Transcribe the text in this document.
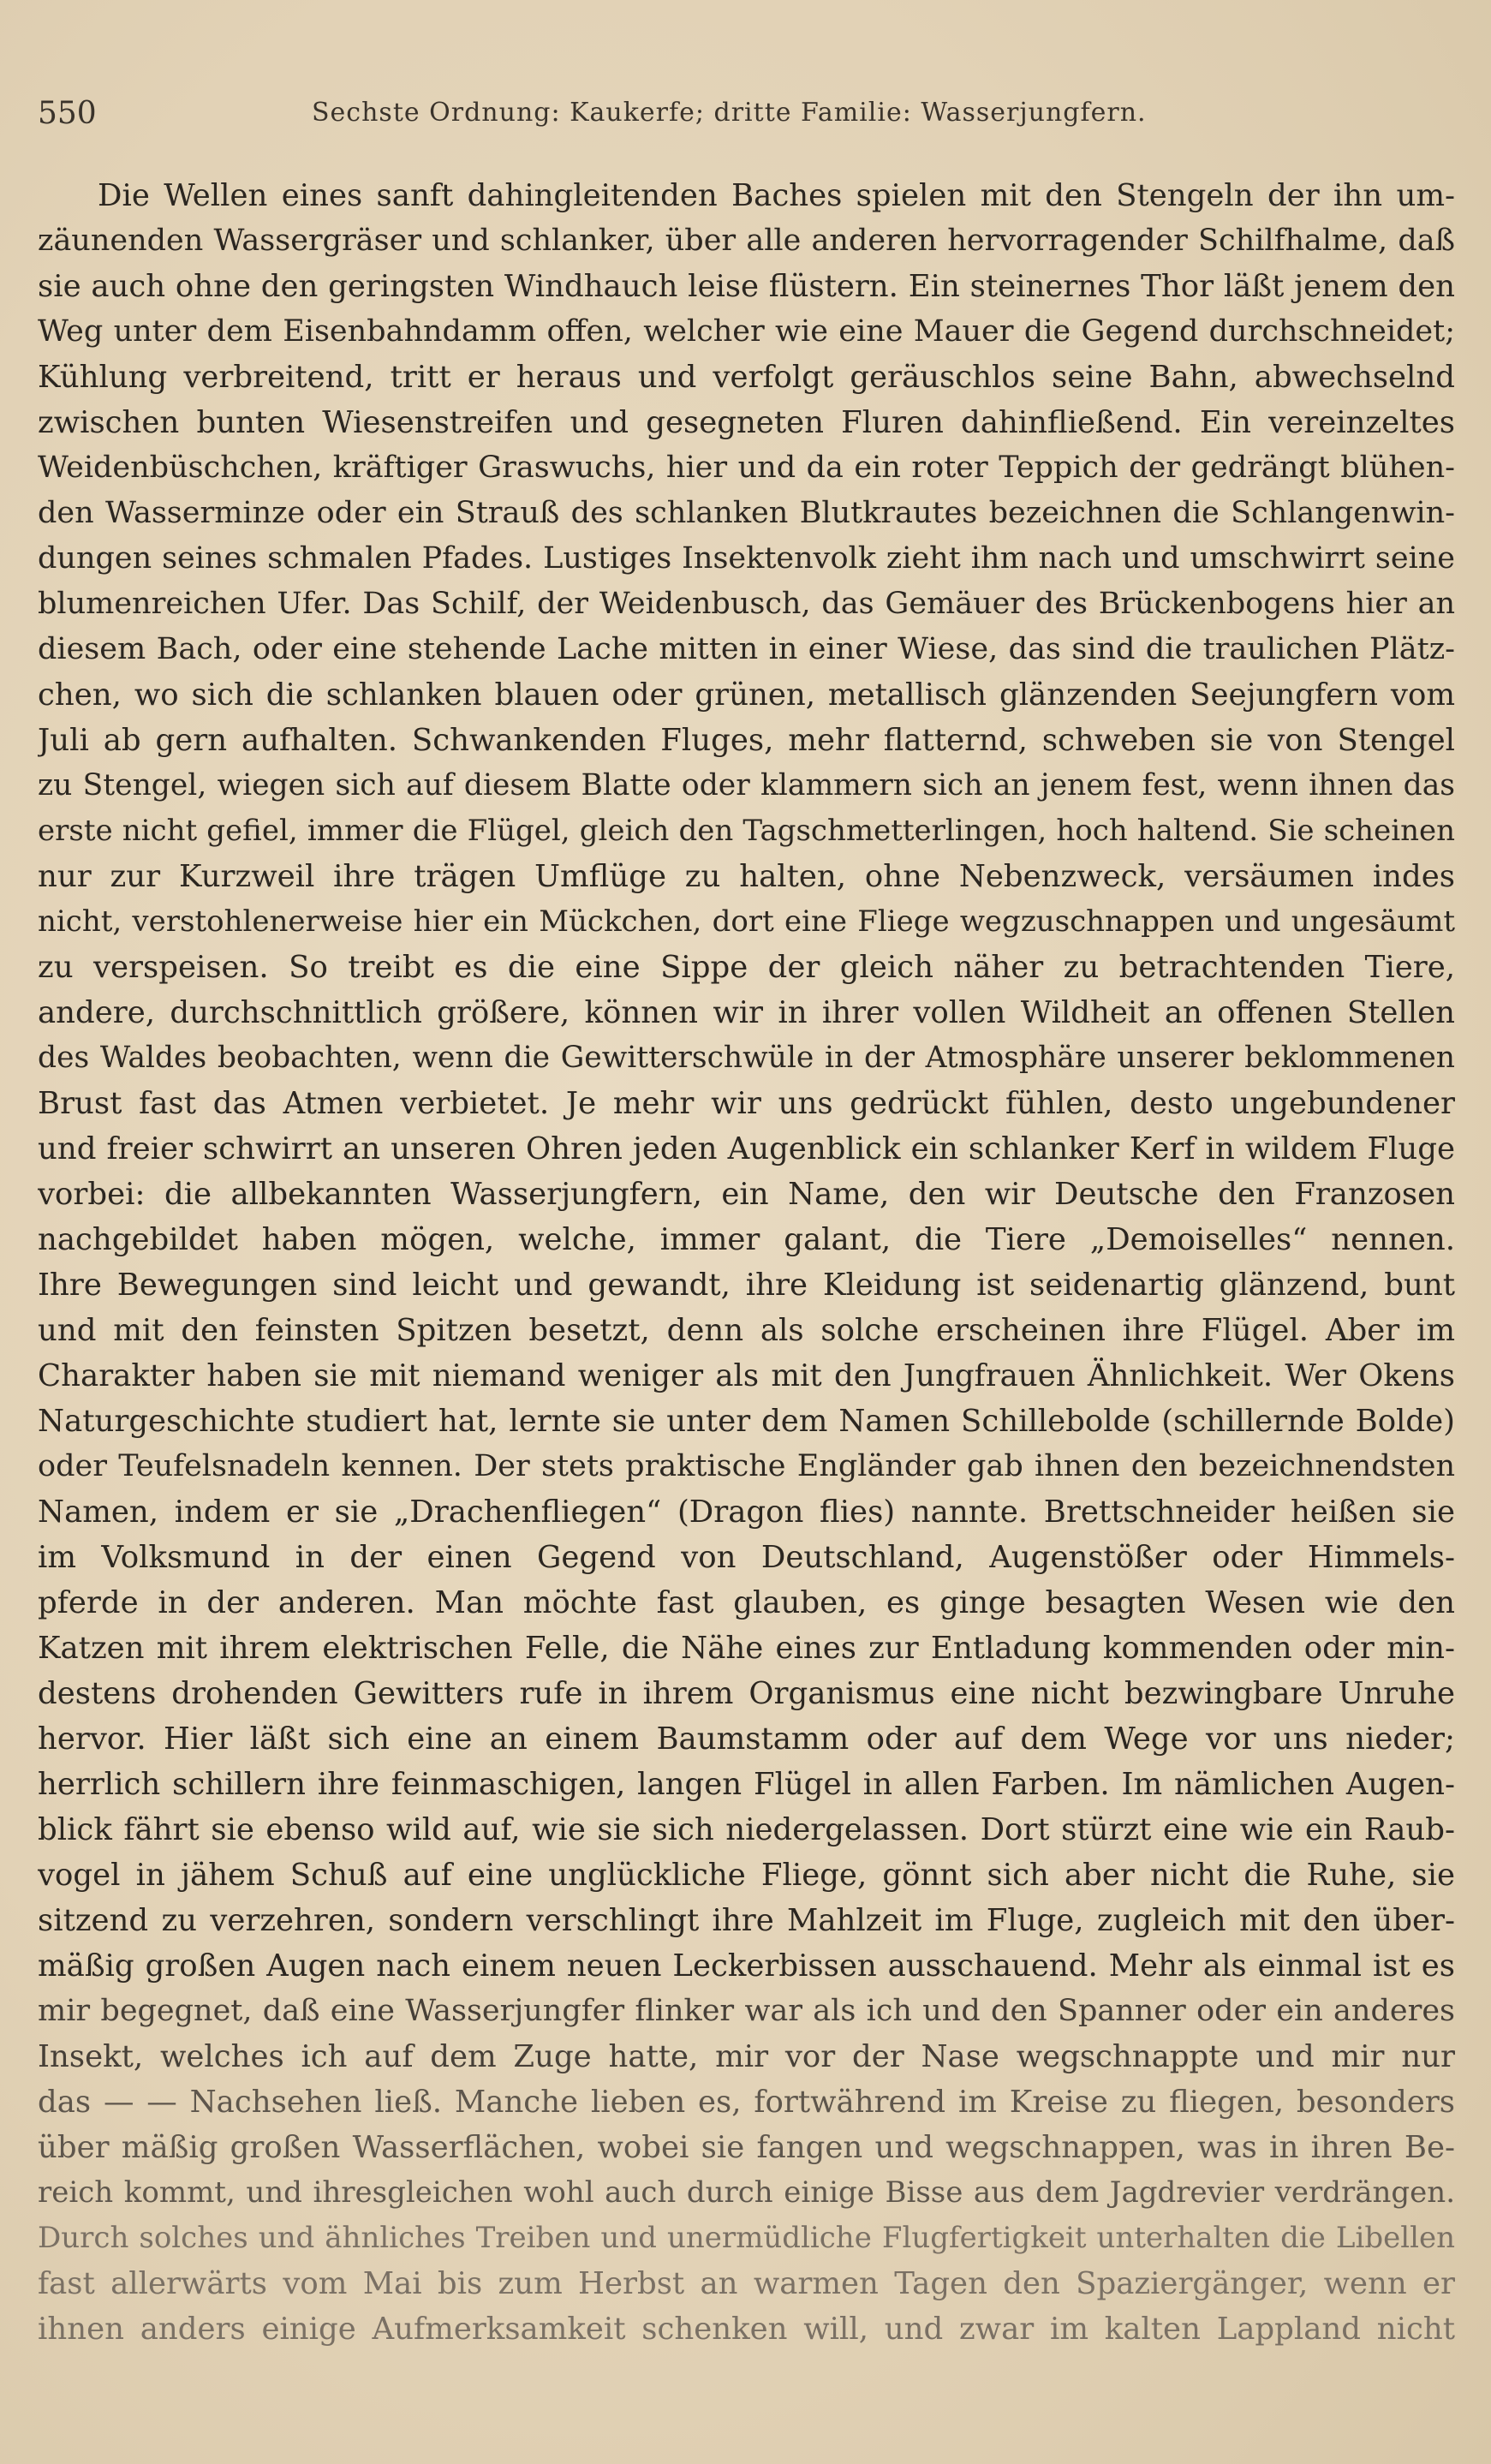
550	Sechste Ordnung: Kaukerfe; dritte Familie: Wasserjungfern.
Die Wellen eines sanft dahingleitenden Baches spielen mit den Stengeln der ihn um-
zäunenden Wassergräser und schlanker, über alle anderen hervorragender Schilfhalme, daß
sie auch ohne den geringsten Windhauch leise flüstern. Ein steinernes Thor läßt jenem den
Weg unter dem Eisenbahndamm offen, welcher wie eine Mauer die Gegend durchschneidet;
Kühlung verbreitend, tritt er heraus und verfolgt geräuschlos seine Bahn, abwechselnd
zwischen bunten Wiesenstreifen und gesegneten Fluren dahinfließend. Ein vereinzeltes
Weidenbüschchen, kräftiger Graswuchs, hier und da ein roter Teppich der gedrängt blühen-
den Wasserminze oder ein Strauß des schlanken Blutkrautes bezeichnen die Schlangenwin-
dungen seines schmalen Pfades. Lustiges Insektenvolk zieht ihm nach und umschwirrt seine
blumenreichen Ufer. Das Schilf, der Weidenbusch, das Gemäuer des Brückenbogens hier an
diesem Bach, oder eine stehende Lache mitten in einer Wiese, das sind die traulichen Plätz-
chen, wo sich die schlanken blauen oder grünen, metallisch glänzenden Seejungfern vom
Juli ab gern aufhalten. Schwankenden Fluges, mehr flatternd, schweben sie von Stengel
zu Stengel, wiegen sich auf diesem Blatte oder klammern sich an jenem fest, wenn ihnen das
erste nicht gefiel, immer die Flügel, gleich den Tagschmetterlingen, hoch haltend. Sie scheinen
nur zur Kurzweil ihre trägen Umflüge zu halten, ohne Nebenzweck, versäumen indes
nicht, verstohlenerweise hier ein Mückchen, dort eine Fliege wegzuschnappen und ungesäumt
zu verspeisen. So treibt es die eine Sippe der gleich näher zu betrachtenden Tiere,
andere, durchschnittlich größere, können wir in ihrer vollen Wildheit an offenen Stellen
des Waldes beobachten, wenn die Gewitterschwüle in der Atmosphäre unserer beklommenen
Brust fast das Atmen verbietet. Je mehr wir uns gedrückt fühlen, desto ungebundener
und freier schwirrt an unseren Ohren jeden Augenblick ein schlanker Kerf in wildem Fluge
vorbei: die allbekannten Wasserjungfern, ein Name, den wir Deutsche den Franzosen
nachgebildet haben mögen, welche, immer galant, die Tiere „Demoiselles“ nennen.
Ihre Bewegungen sind leicht und gewandt, ihre Kleidung ist seidenartig glänzend, bunt
und mit den feinsten Spitzen besetzt, denn als solche erscheinen ihre Flügel. Aber im
Charakter haben sie mit niemand weniger als mit den Jungfrauen Ähnlichkeit. Wer Okens
Naturgeschichte studiert hat, lernte sie unter dem Namen Schillebolde (schillernde Bolde)
oder Teufelsnadeln kennen. Der stets praktische Engländer gab ihnen den bezeichnendsten
Namen, indem er sie „Drachenfliegen“ (Dragon flies) nannte. Brettschneider heißen sie
im Volksmund in der einen Gegend von Deutschland, Augenstößer oder Himmels-
pferde in der anderen. Man möchte fast glauben, es ginge besagten Wesen wie den
Katzen mit ihrem elektrischen Felle, die Nähe eines zur Entladung kommenden oder min-
destens drohenden Gewitters rufe in ihrem Organismus eine nicht bezwingbare Unruhe
hervor. Hier läßt sich eine an einem Baumstamm oder auf dem Wege vor uns nieder;
herrlich schillern ihre feinmaschigen, langen Flügel in allen Farben. Im nämlichen Augen-
blick fährt sie ebenso wild auf, wie sie sich niedergelassen. Dort stürzt eine wie ein Raub-
vogel in jähem Schuß auf eine unglückliche Fliege, gönnt sich aber nicht die Ruhe, sie
sitzend zu verzehren, sondern verschlingt ihre Mahlzeit im Fluge, zugleich mit den über-
mäßig großen Augen nach einem neuen Leckerbissen ausschauend. Mehr als einmal ist es
mir begegnet, daß eine Wasserjungfer flinker war als ich und den Spanner oder ein anderes
Insekt, welches ich auf dem Zuge hatte, mir vor der Nase wegschnappte und mir nur
das — — Nachsehen ließ. Manche lieben es, fortwährend im Kreise zu fliegen, besonders
über mäßig großen Wasserflächen, wobei sie fangen und wegschnappen, was in ihren Be-
reich kommt, und ihresgleichen wohl auch durch einige Bisse aus dem Jagdrevier verdrängen.
Durch solches und ähnliches Treiben und unermüdliche Flugfertigkeit unterhalten die Libellen
fast allerwärts vom Mai bis zum Herbst an warmen Tagen den Spaziergänger, wenn er
ihnen anders einige Aufmerksamkeit schenken will, und zwar im kalten Lappland nicht
